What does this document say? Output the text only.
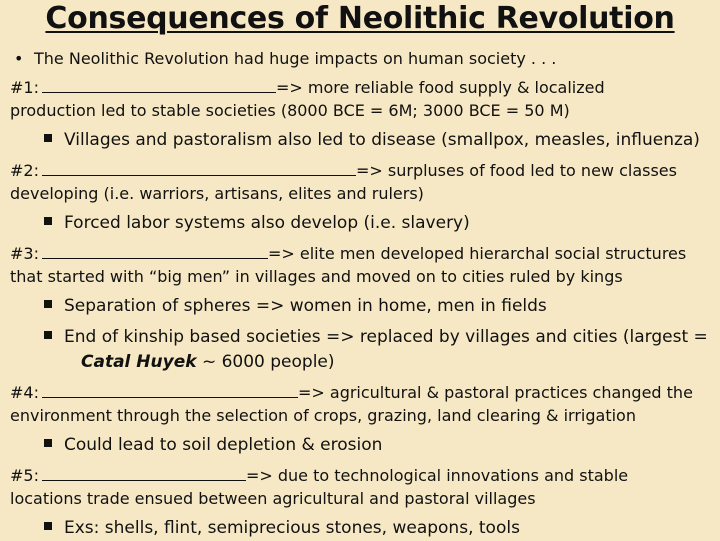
Consequences of Neolithic Revolution
• The Neolithic Revolution had huge impacts on human society . . .
#1:	=> more reliable food supply & localized
production led to stable societies (8000 BCE = 6M; 3000 BCE = 50 M)
Villages and pastoralism also led to disease (smallpox, measles, influenza)
#2:	=> surpluses of food led to new classes
developing (i.e. warriors, artisans, elites and rulers)
Forced labor systems also develop (i.e. slavery)
#3:	=> elite men developed hierarchal social structures
that started with “big men” in villages and moved on to cities ruled by kings
Separation of spheres => women in home, men in fields
End of kinship based societies => replaced by villages and cities (largest =
Catal Huyek ~ 6000 people)
#4:	=> agricultural & pastoral practices changed the
environment through the selection of crops, grazing, land clearing & irrigation
Could lead to soil depletion & erosion
#5:	=> due to technological innovations and stable
locations trade ensued between agricultural and pastoral villages
Exs: shells, flint, semiprecious stones, weapons, tools
